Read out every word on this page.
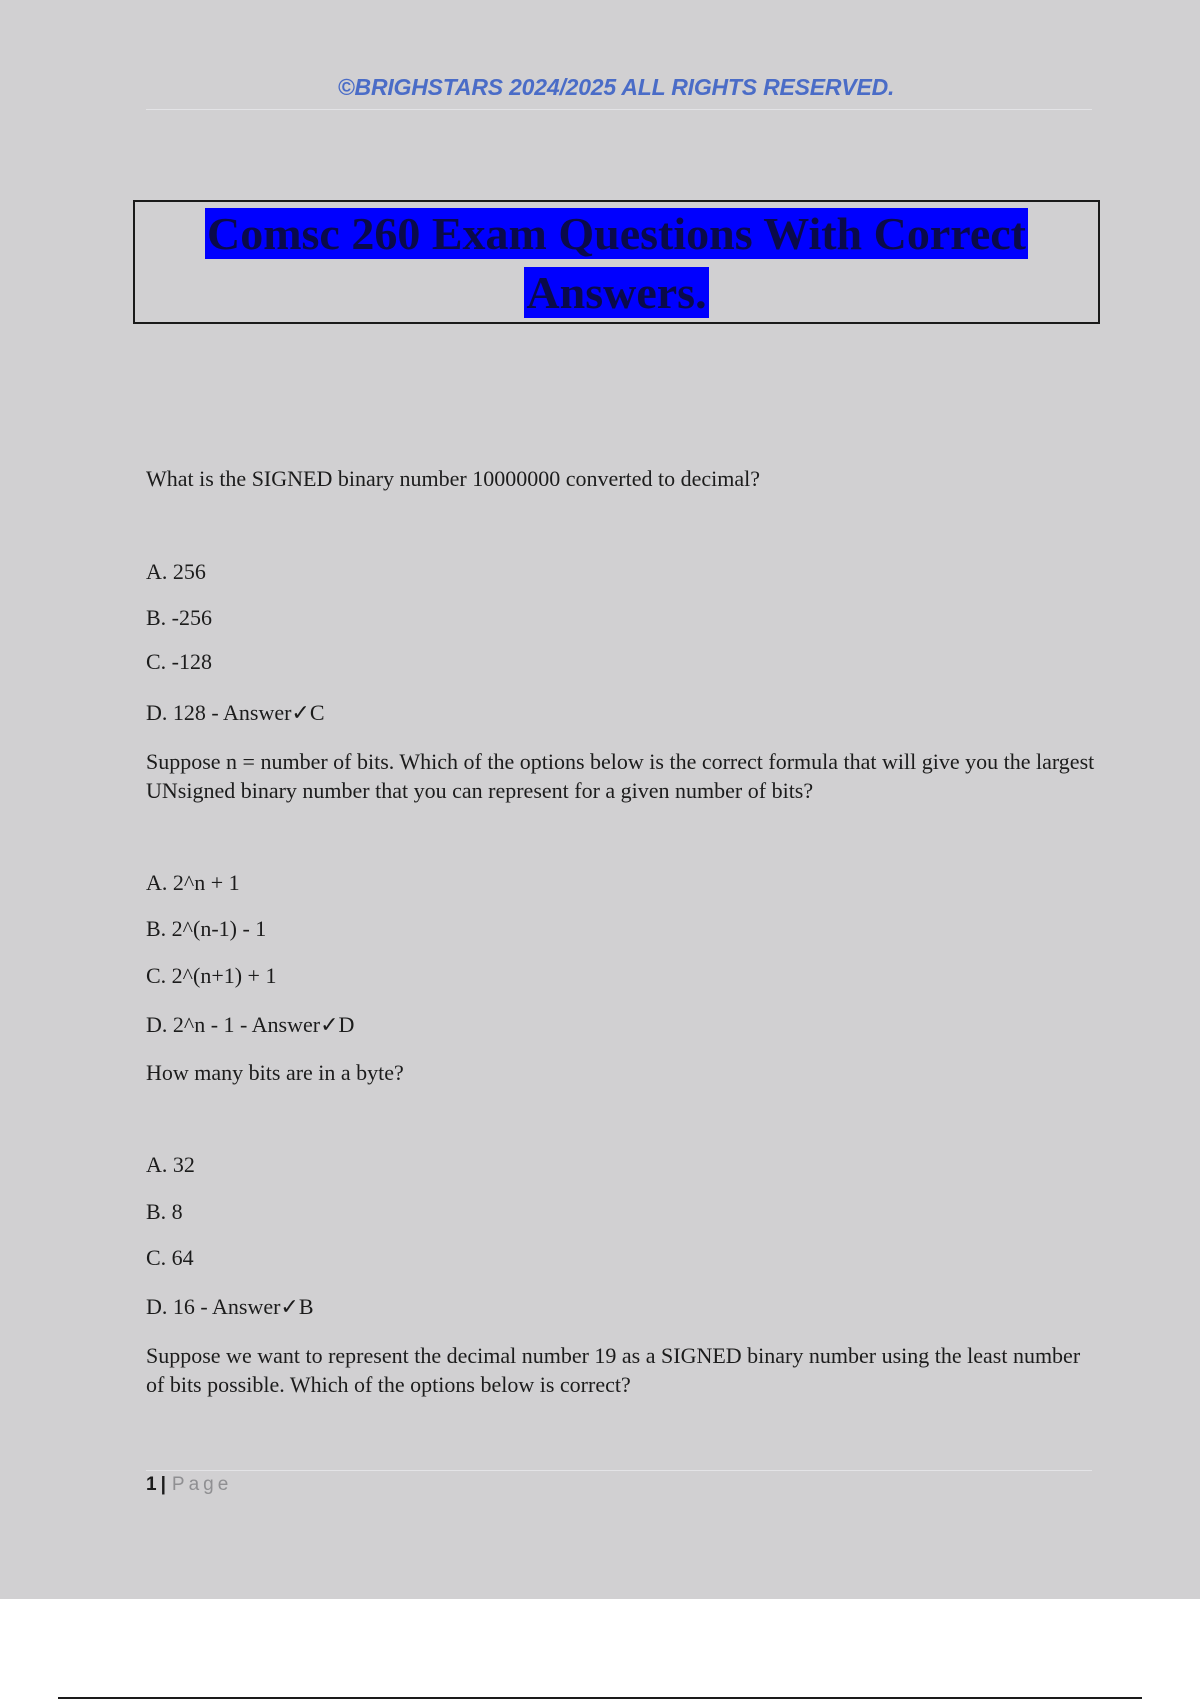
©BRIGHSTARS 2024/2025 ALL RIGHTS RESERVED.
Comsc 260 Exam Questions With Correct
Answers.
What is the SIGNED binary number 10000000 converted to decimal?
A. 256
B. -256
C. -128
D. 128 - Answer✓C
Suppose n = number of bits. Which of the options below is the correct formula that will give you the largest UNsigned binary number that you can represent for a given number of bits?
A. 2^n + 1
B. 2^(n-1) - 1
C. 2^(n+1) + 1
D. 2^n - 1 - Answer✓D
How many bits are in a byte?
A. 32
B. 8
C. 64
D. 16 - Answer✓B
Suppose we want to represent the decimal number 19 as a SIGNED binary number using the least number of bits possible. Which of the options below is correct?
1 | Page
